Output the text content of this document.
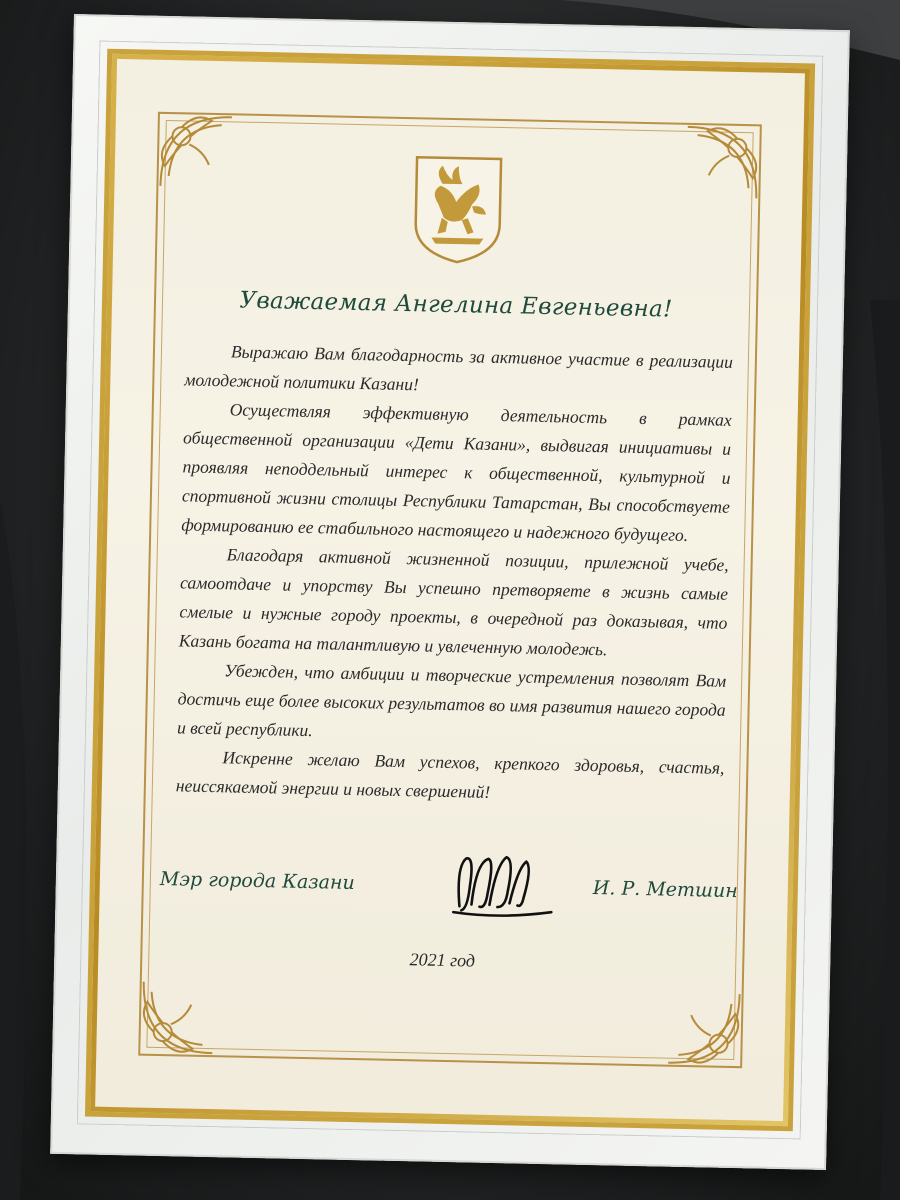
Уважаемая Ангелина Евгеньевна!

Выражаю Вам благодарность за активное участие в реализации молодежной политики Казани!

Осуществляя эффективную деятельность в рамках общественной организации «Дети Казани», выдвигая инициативы и проявляя неподдельный интерес к общественной, культурной и спортивной жизни столицы Республики Татарстан, Вы способствуете формированию ее стабильного настоящего и надежного будущего.

Благодаря активной жизненной позиции, прилежной учебе, самоотдаче и упорству Вы успешно претворяете в жизнь самые смелые и нужные городу проекты, в очередной раз доказывая, что Казань богата на талантливую и увлеченную молодежь.

Убежден, что амбиции и творческие устремления позволят Вам достичь еще более высоких результатов во имя развития нашего города и всей республики.

Искренне желаю Вам успехов, крепкого здоровья, счастья, неиссякаемой энергии и новых свершений!

Мэр города Казани	И. Р. Метшин
2021 год
